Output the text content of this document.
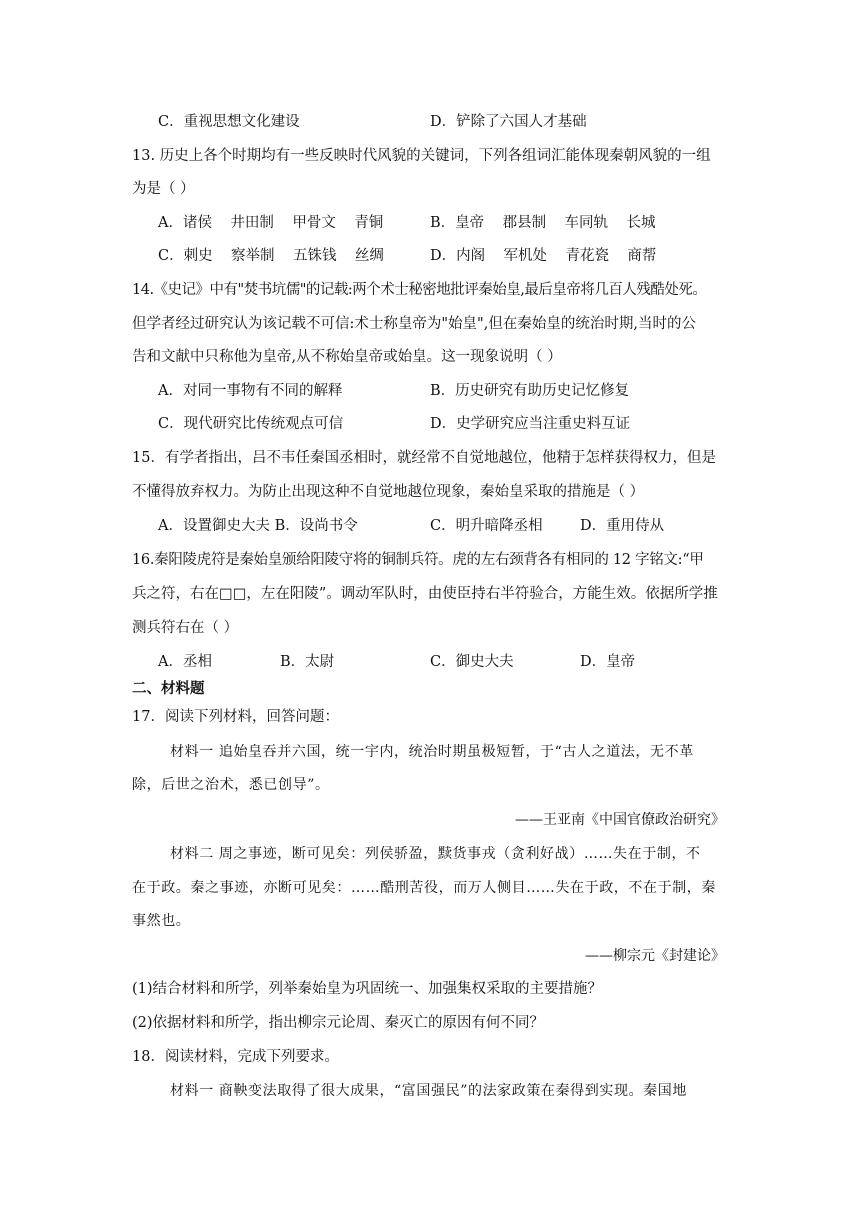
C．重视思想文化建设	D．铲除了六国人才基础
13. 历史上各个时期均有一些反映时代风貌的关键词，下列各组词汇能体现秦朝风貌的一组
为是（ ）
A．诸侯    井田制    甲骨文    青铜	B．皇帝    郡县制    车同轨    长城
C．刺史    察举制    五铢钱    丝绸	D．内阁    军机处    青花瓷    商帮
14.《史记》中有"焚书坑儒"的记载:两个术士秘密地批评秦始皇,最后皇帝将几百人残酷处死。
但学者经过研究认为该记载不可信:术士称皇帝为"始皇",但在秦始皇的统治时期,当时的公
告和文献中只称他为皇帝,从不称始皇帝或始皇。这一现象说明（ ）
A．对同一事物有不同的解释	B．历史研究有助历史记忆修复
C．现代研究比传统观点可信	D．史学研究应当注重史料互证
15．有学者指出，吕不韦任秦国丞相时，就经常不自觉地越位，他精于怎样获得权力，但是
不懂得放弃权力。为防止出现这种不自觉地越位现象，秦始皇采取的措施是（ ）
A．设置御史大夫 B．设尚书令	C．明升暗降丞相	D．重用侍从
16.秦阳陵虎符是秦始皇颁给阳陵守将的铜制兵符。虎的左右颈背各有相同的 12 字铭文:“甲
兵之符，右在□□，左在阳陵”。调动军队时，由使臣持右半符验合，方能生效。依据所学推
测兵符右在（ ）
A．丞相	B．太尉	C．御史大夫	D．皇帝
二、材料题
17．阅读下列材料，回答问题：
材料一 追始皇吞并六国，统一宇内，统治时期虽极短暂，于“古人之道法，无不革
除，后世之治术，悉已创导”。
——王亚南《中国官僚政治研究》
材料二 周之事迹，断可见矣：列侯骄盈，黩货事戎（贪利好战）……失在于制，不
在于政。秦之事迹，亦断可见矣：……酷刑苦役，而万人侧目……失在于政，不在于制，秦
事然也。
——柳宗元《封建论》
(1)结合材料和所学，列举秦始皇为巩固统一、加强集权采取的主要措施？
(2)依据材料和所学，指出柳宗元论周、秦灭亡的原因有何不同？
18．阅读材料，完成下列要求。
材料一 商鞅变法取得了很大成果，“富国强民”的法家政策在秦得到实现。秦国地
